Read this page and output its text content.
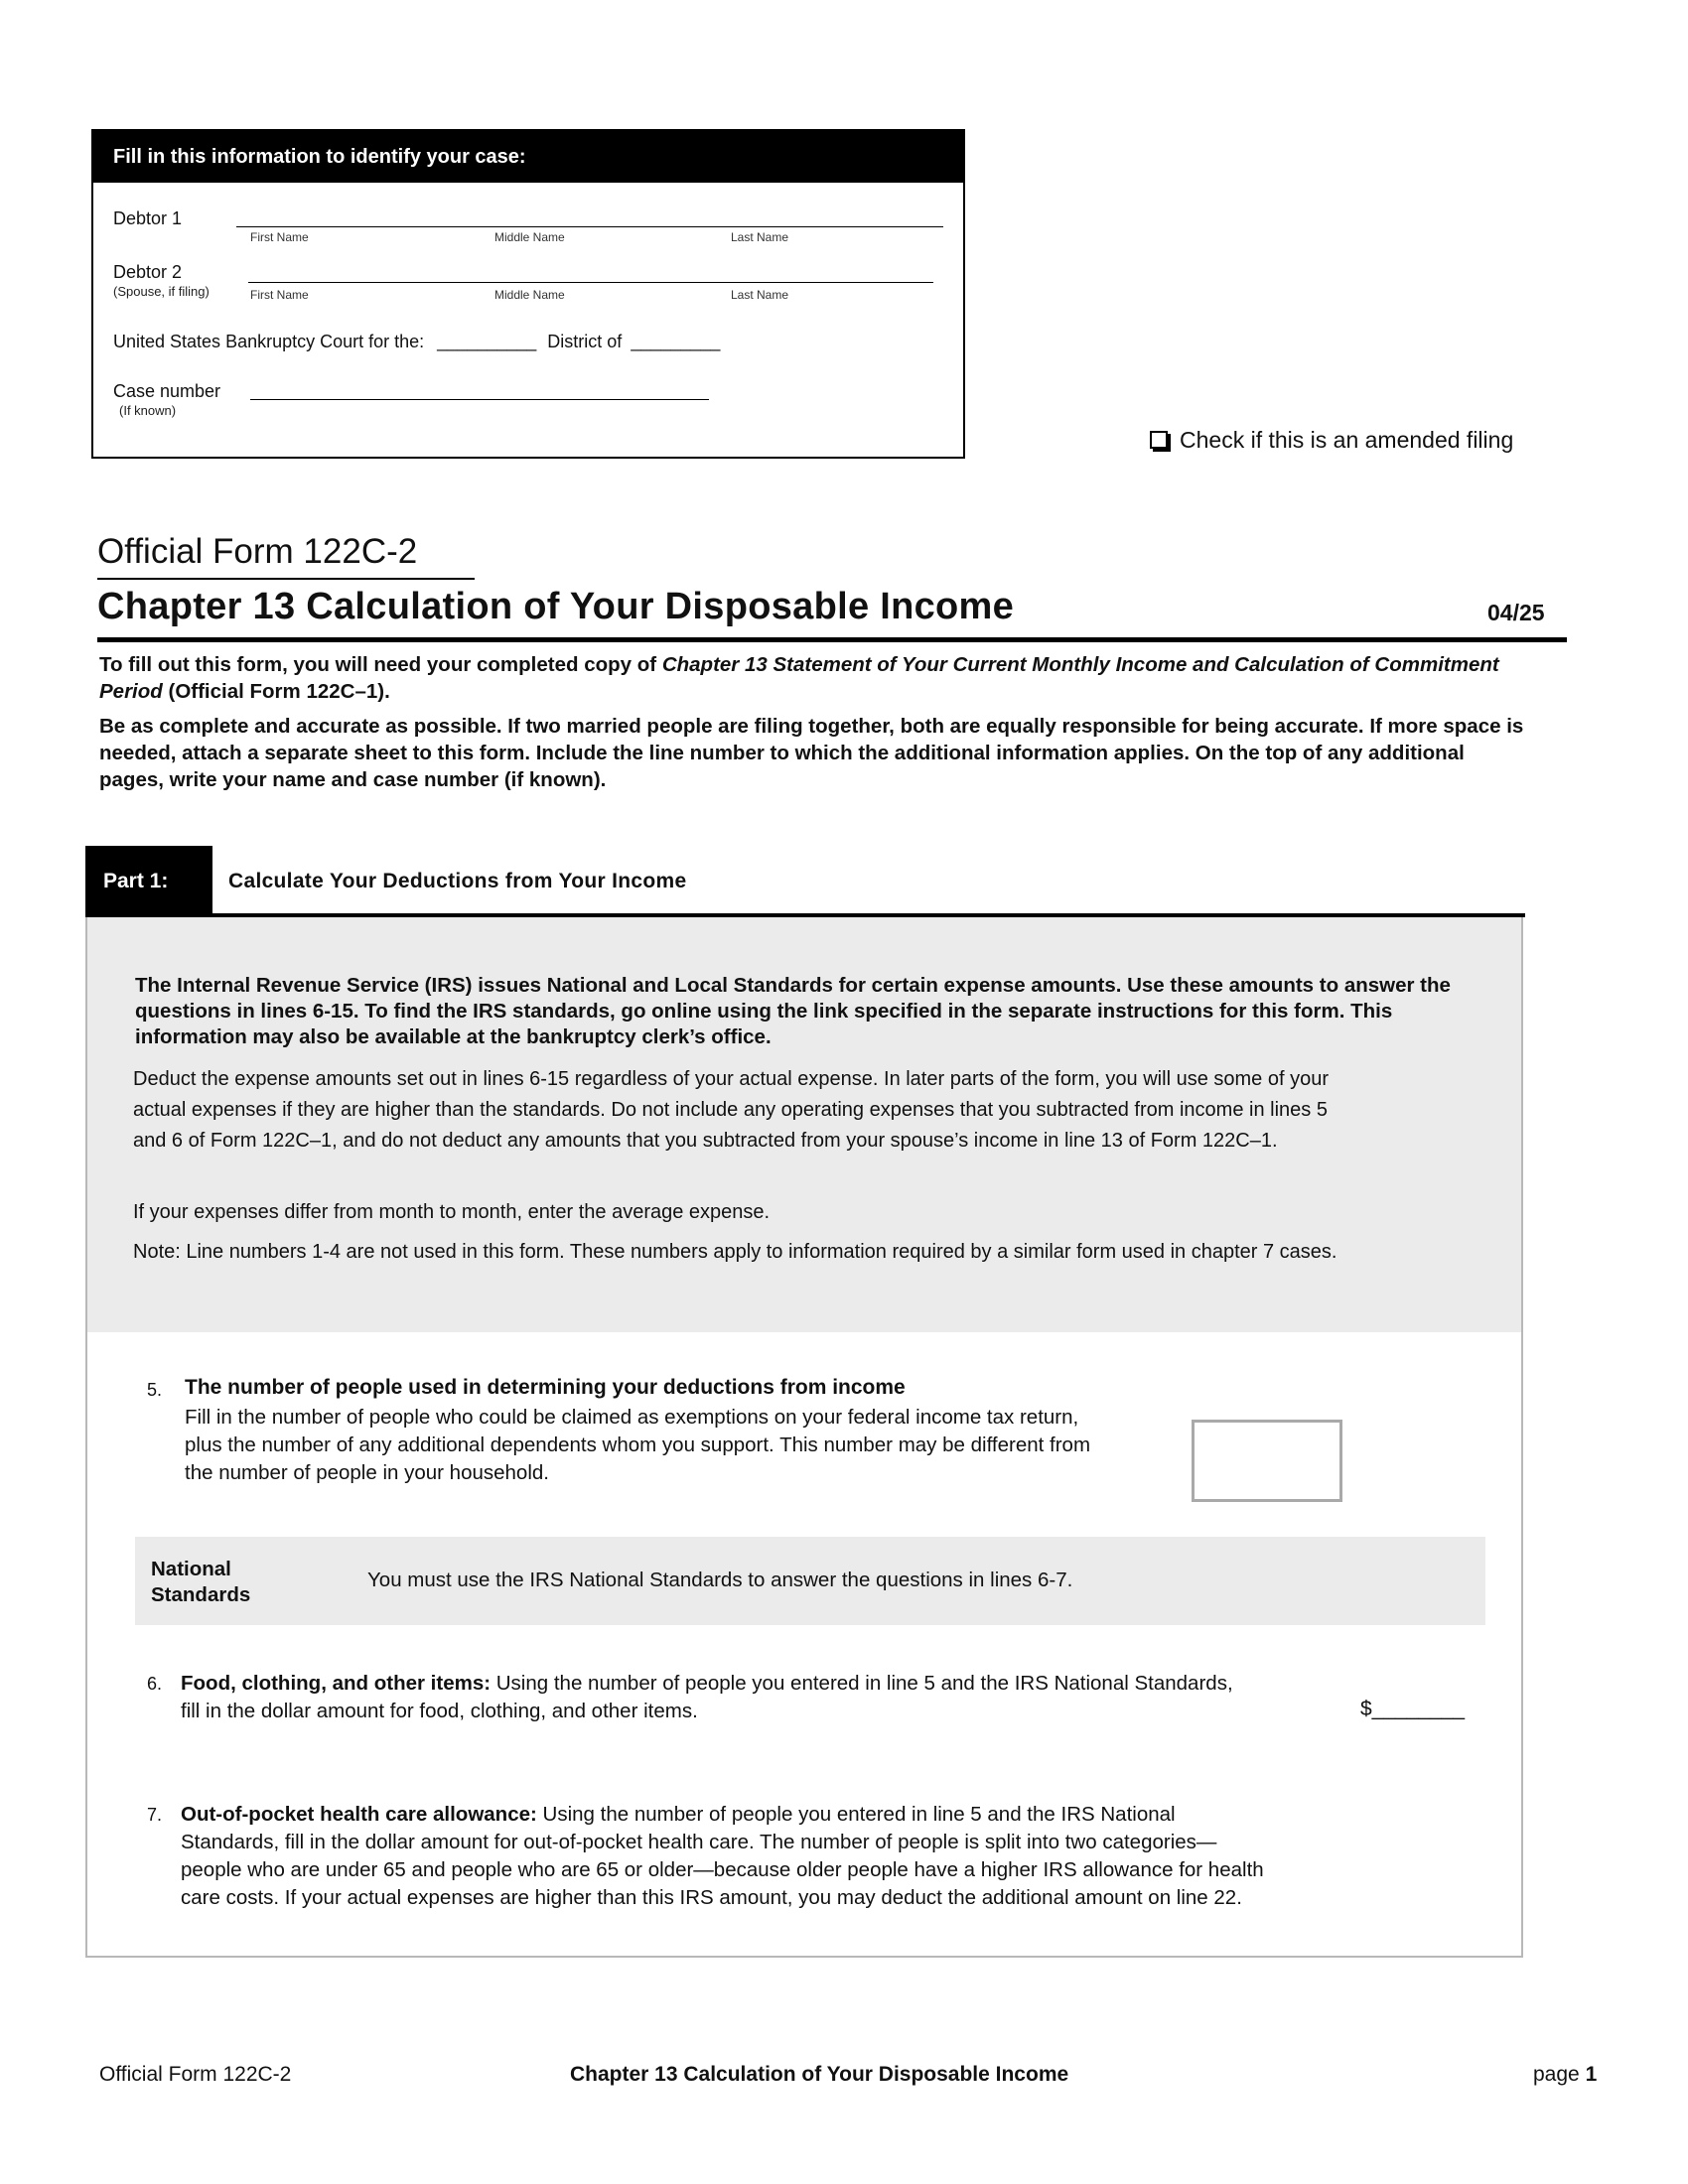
Fill in this information to identify your case:
Debtor 1
First Name	Middle Name	Last Name
Debtor 2
(Spouse, if filing)	First Name	Middle Name	Last Name
United States Bankruptcy Court for the: __________ District of _________
Case number
(If known)
Check if this is an amended filing
Official Form 122C-2
Chapter 13 Calculation of Your Disposable Income	04/25
To fill out this form, you will need your completed copy of Chapter 13 Statement of Your Current Monthly Income and Calculation of Commitment Period (Official Form 122C–1).
Be as complete and accurate as possible. If two married people are filing together, both are equally responsible for being accurate. If more space is needed, attach a separate sheet to this form. Include the line number to which the additional information applies. On the top of any additional pages, write your name and case number (if known).
Part 1:	Calculate Your Deductions from Your Income
The Internal Revenue Service (IRS) issues National and Local Standards for certain expense amounts. Use these amounts to answer the questions in lines 6-15. To find the IRS standards, go online using the link specified in the separate instructions for this form. This information may also be available at the bankruptcy clerk’s office.
Deduct the expense amounts set out in lines 6-15 regardless of your actual expense. In later parts of the form, you will use some of your actual expenses if they are higher than the standards. Do not include any operating expenses that you subtracted from income in lines 5 and 6 of Form 122C–1, and do not deduct any amounts that you subtracted from your spouse’s income in line 13 of Form 122C–1.
If your expenses differ from month to month, enter the average expense.
Note: Line numbers 1-4 are not used in this form. These numbers apply to information required by a similar form used in chapter 7 cases.
5. The number of people used in determining your deductions from income
Fill in the number of people who could be claimed as exemptions on your federal income tax return, plus the number of any additional dependents whom you support. This number may be different from the number of people in your household.
National
Standards
You must use the IRS National Standards to answer the questions in lines 6-7.
6. Food, clothing, and other items: Using the number of people you entered in line 5 and the IRS National Standards, fill in the dollar amount for food, clothing, and other items.	$________
7. Out-of-pocket health care allowance: Using the number of people you entered in line 5 and the IRS National Standards, fill in the dollar amount for out-of-pocket health care. The number of people is split into two categories—people who are under 65 and people who are 65 or older—because older people have a higher IRS allowance for health care costs. If your actual expenses are higher than this IRS amount, you may deduct the additional amount on line 22.
Official Form 122C-2	Chapter 13 Calculation of Your Disposable Income	page 1
